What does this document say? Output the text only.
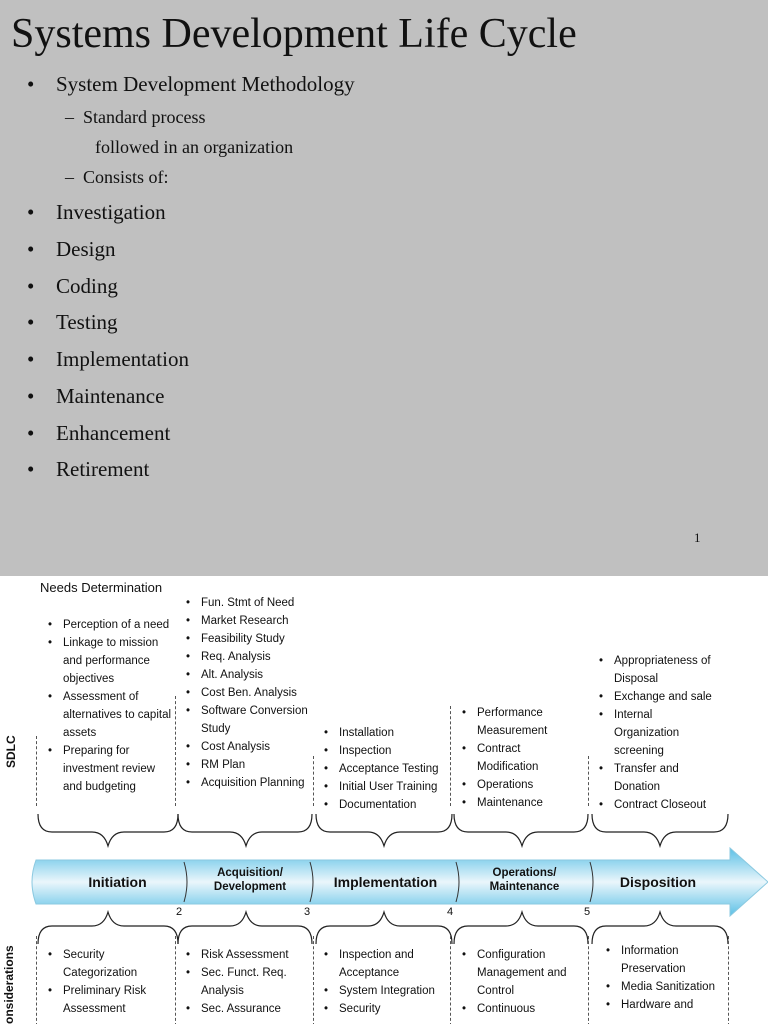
Systems Development Life Cycle
• System Development Methodology
–  Standard process
followed in an organization
–  Consists of:
• Investigation
• Design
• Coding
• Testing
• Implementation
• Maintenance
• Enhancement
• Retirement
1
Needs Determination
SDLC
onsiderations
• Perception of a need
• Linkage to mission and performance objectives
• Assessment of alternatives to capital assets
• Preparing for investment review and budgeting
• Fun. Stmt of Need
• Market Research
• Feasibility Study
• Req. Analysis
• Alt. Analysis
• Cost Ben. Analysis
• Software Conversion Study
• Cost Analysis
• RM Plan
• Acquisition Planning
• Installation
• Inspection
• Acceptance Testing
• Initial User Training
• Documentation
• Performance Measurement
• Contract Modification
• Operations
• Maintenance
• Appropriateness of Disposal
• Exchange and sale
• Internal Organization screening
• Transfer and Donation
• Contract Closeout
Initiation
Acquisition/
Development	Implementation
Operations/
Maintenance	Disposition
2	3	4	5
• Security Categorization
• Preliminary Risk Assessment
• Risk Assessment
• Sec. Funct. Req. Analysis
• Sec. Assurance
• Inspection and Acceptance
• System Integration
• Security
• Configuration Management and Control
• Continuous
• Information Preservation
• Media Sanitization
• Hardware and
